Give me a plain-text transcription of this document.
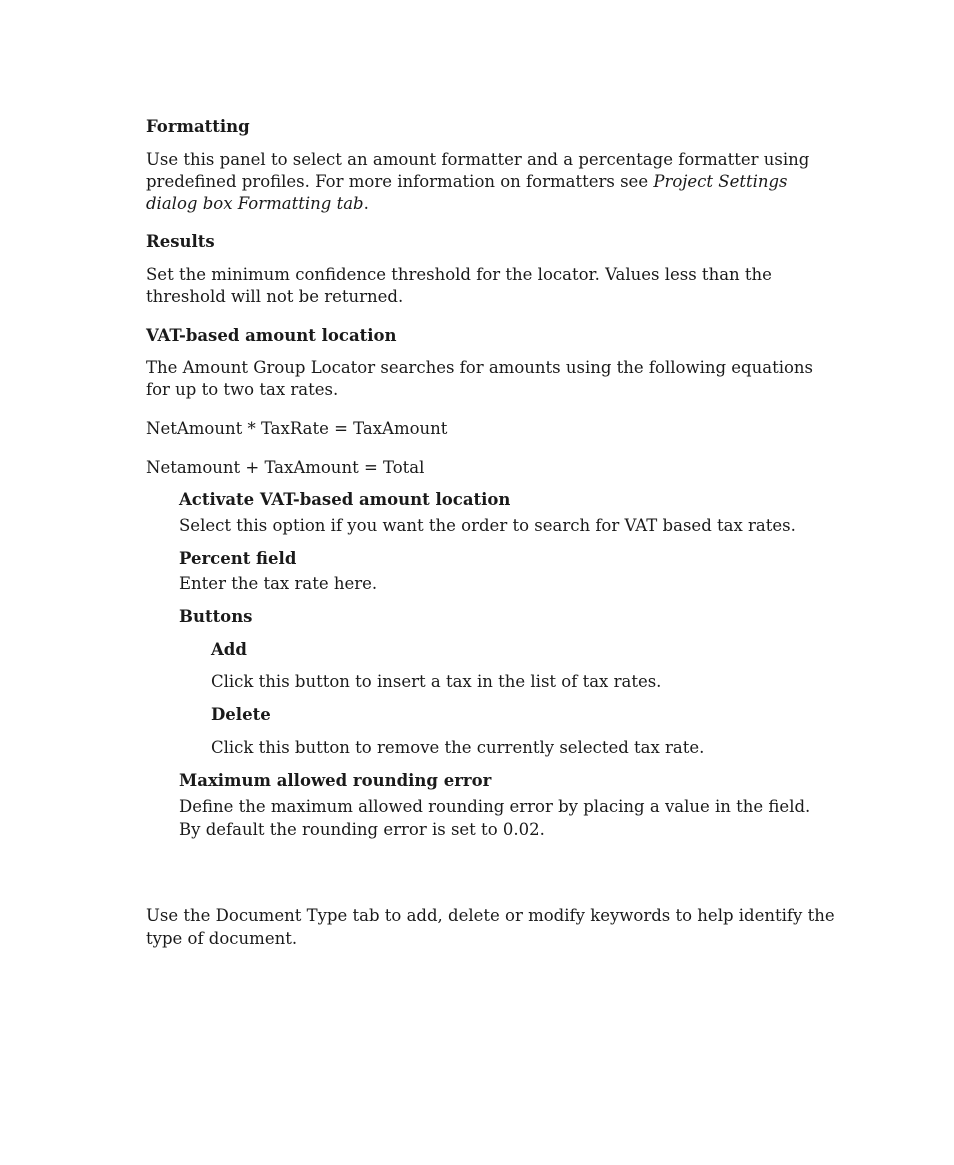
Formatting

Use this panel to select an amount formatter and a percentage formatter using predefined profiles. For more information on formatters see Project Settings dialog box Formatting tab.

Results

Set the minimum confidence threshold for the locator. Values less than the threshold will not be returned.

VAT-based amount location

The Amount Group Locator searches for amounts using the following equations for up to two tax rates.

NetAmount * TaxRate = TaxAmount

Netamount + TaxAmount = Total

Activate VAT-based amount location

Select this option if you want the order to search for VAT based tax rates.

Percent field

Enter the tax rate here.

Buttons

Add

Click this button to insert a tax in the list of tax rates.

Delete

Click this button to remove the currently selected tax rate.

Maximum allowed rounding error

Define the maximum allowed rounding error by placing a value in the field. By default the rounding error is set to 0.02.

Use the Document Type tab to add, delete or modify keywords to help identify the type of document.
